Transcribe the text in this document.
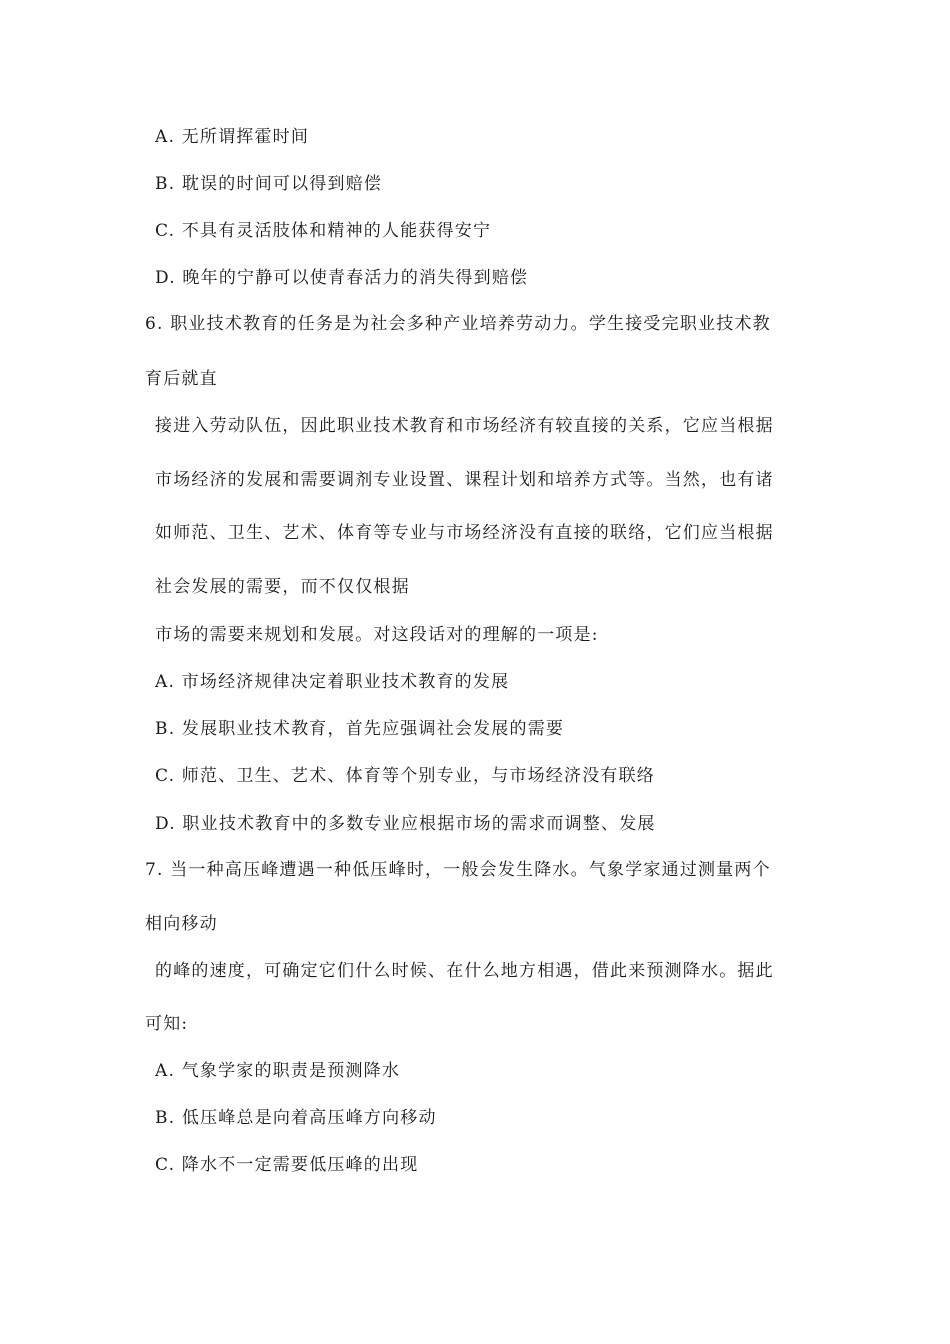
A. 无所谓挥霍时间
B. 耽误的时间可以得到赔偿
C. 不具有灵活肢体和精神的人能获得安宁
D. 晚年的宁静可以使青春活力的消失得到赔偿
6. 职业技术教育的任务是为社会多种产业培养劳动力。学生接受完职业技术教
育后就直
接进入劳动队伍，因此职业技术教育和市场经济有较直接的关系，它应当根据
市场经济的发展和需要调剂专业设置、课程计划和培养方式等。当然，也有诸
如师范、卫生、艺术、体育等专业与市场经济没有直接的联络，它们应当根据
社会发展的需要，而不仅仅根据
市场的需要来规划和发展。对这段话对的理解的一项是:
A. 市场经济规律决定着职业技术教育的发展
B. 发展职业技术教育，首先应强调社会发展的需要
C. 师范、卫生、艺术、体育等个别专业，与市场经济没有联络
D. 职业技术教育中的多数专业应根据市场的需求而调整、发展
7. 当一种高压峰遭遇一种低压峰时，一般会发生降水。气象学家通过测量两个
相向移动
的峰的速度，可确定它们什么时候、在什么地方相遇，借此来预测降水。据此
可知:
A. 气象学家的职责是预测降水
B. 低压峰总是向着高压峰方向移动
C. 降水不一定需要低压峰的出现
